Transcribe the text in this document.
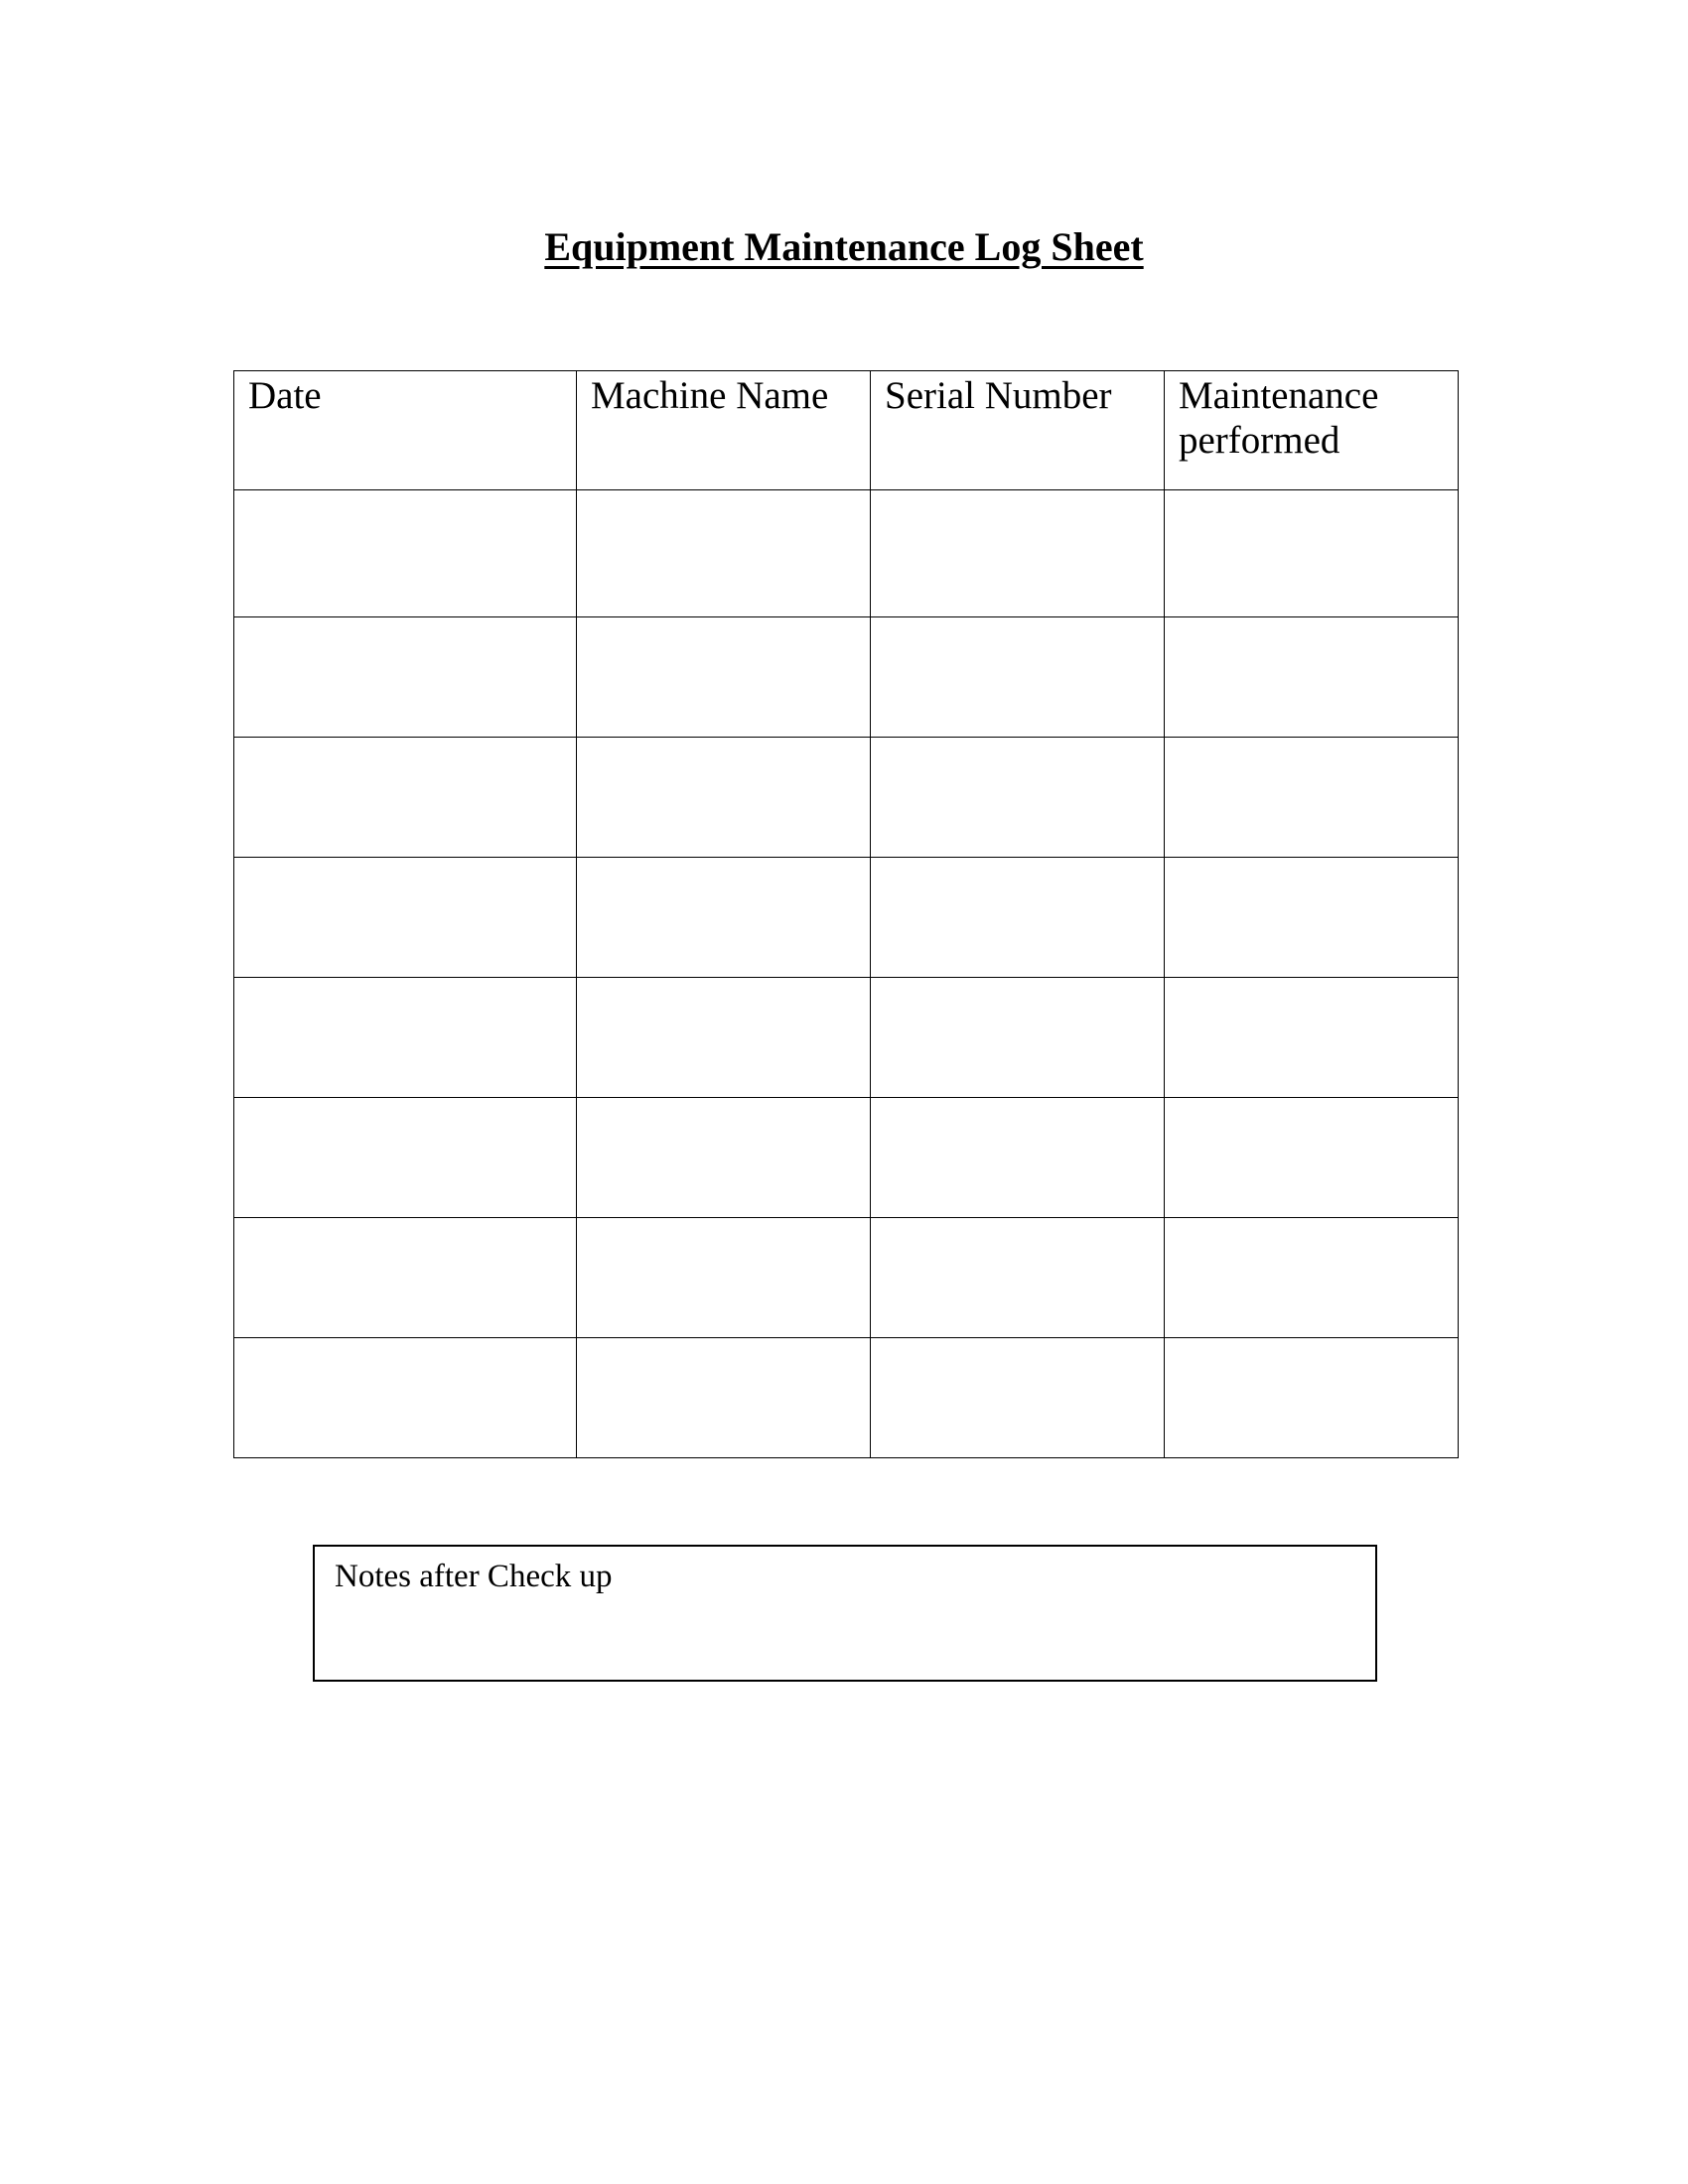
Equipment Maintenance Log Sheet
Date	Machine Name	Serial Number	Maintenance performed

Notes after Check up
